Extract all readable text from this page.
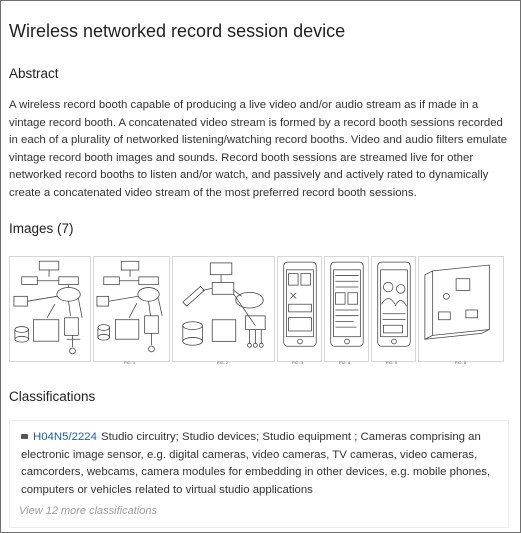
Wireless networked record session device
Abstract

A wireless record booth capable of producing a live video and/or audio stream as if made in a vintage record booth. A concatenated video stream is formed by a record booth sessions recorded in each of a plurality of networked listening/watching record booths. Video and audio filters emulate vintage record booth images and sounds. Record booth sessions are streamed live for other networked record booths to listen and/or watch, and passively and actively rated to dynamically create a concatenated video stream of the most preferred record booth sessions.

Images (7)
$^{FIG. 1}$	$^{FIG. 2}$	$^{FIG. 3}$	$^{FIG. 4}$	$^{FIG. 5}$	$^{FIG. 6}$
Classifications
H04N5/2224 Studio circuitry; Studio devices; Studio equipment ; Cameras comprising an electronic image sensor, e.g. digital cameras, video cameras, TV cameras, video cameras, camcorders, webcams, camera modules for embedding in other devices, e.g. mobile phones, computers or vehicles related to virtual studio applications
View 12 more classifications
